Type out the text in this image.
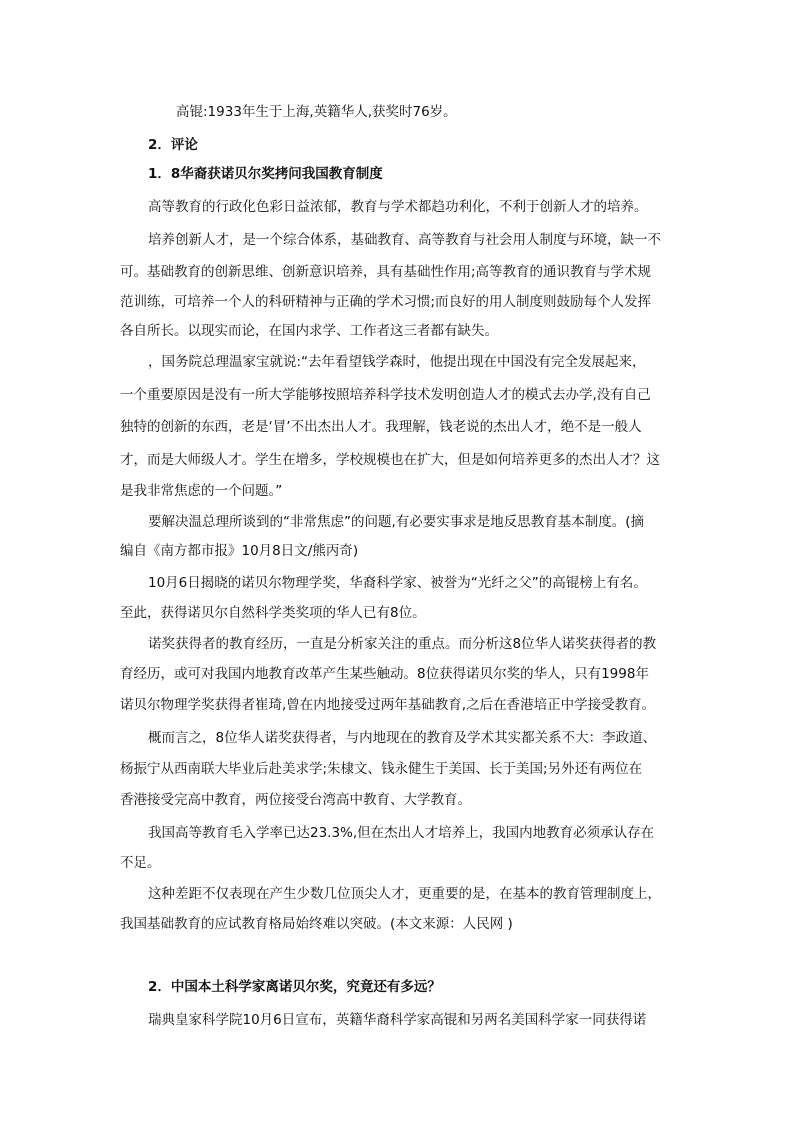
高锟:1933年生于上海,英籍华人,获奖时76岁。
2．评论
1．8华裔获诺贝尔奖拷问我国教育制度
高等教育的行政化色彩日益浓郁，教育与学术都趋功利化，不利于创新人才的培养。
培养创新人才，是一个综合体系，基础教育、高等教育与社会用人制度与环境，缺一不
可。基础教育的创新思维、创新意识培养，具有基础性作用;高等教育的通识教育与学术规
范训练，可培养一个人的科研精神与正确的学术习惯;而良好的用人制度则鼓励每个人发挥
各自所长。以现实而论，在国内求学、工作者这三者都有缺失。
，国务院总理温家宝就说:“去年看望钱学森时，他提出现在中国没有完全发展起来，
一个重要原因是没有一所大学能够按照培养科学技术发明创造人才的模式去办学,没有自己
独特的创新的东西，老是‘冒’不出杰出人才。我理解，钱老说的杰出人才，绝不是一般人
才，而是大师级人才。学生在增多，学校规模也在扩大，但是如何培养更多的杰出人才？这
是我非常焦虑的一个问题。”
要解决温总理所谈到的“非常焦虑”的问题,有必要实事求是地反思教育基本制度。(摘
编自《南方都市报》10月8日文/熊丙奇)
10月6日揭晓的诺贝尔物理学奖，华裔科学家、被誉为“光纤之父”的高锟榜上有名。
至此，获得诺贝尔自然科学类奖项的华人已有8位。
诺奖获得者的教育经历，一直是分析家关注的重点。而分析这8位华人诺奖获得者的教
育经历，或可对我国内地教育改革产生某些触动。8位获得诺贝尔奖的华人，只有1998年
诺贝尔物理学奖获得者崔琦,曾在内地接受过两年基础教育,之后在香港培正中学接受教育。
概而言之，8位华人诺奖获得者，与内地现在的教育及学术其实都关系不大：李政道、
杨振宁从西南联大毕业后赴美求学;朱棣文、钱永健生于美国、长于美国;另外还有两位在
香港接受完高中教育，两位接受台湾高中教育、大学教育。
我国高等教育毛入学率已达23.3%,但在杰出人才培养上，我国内地教育必须承认存在
不足。
这种差距不仅表现在产生少数几位顶尖人才，更重要的是，在基本的教育管理制度上，
我国基础教育的应试教育格局始终难以突破。(本文来源：人民网 )
2．中国本土科学家离诺贝尔奖，究竟还有多远？
瑞典皇家科学院10月6日宣布，英籍华裔科学家高锟和另两名美国科学家一同获得诺
